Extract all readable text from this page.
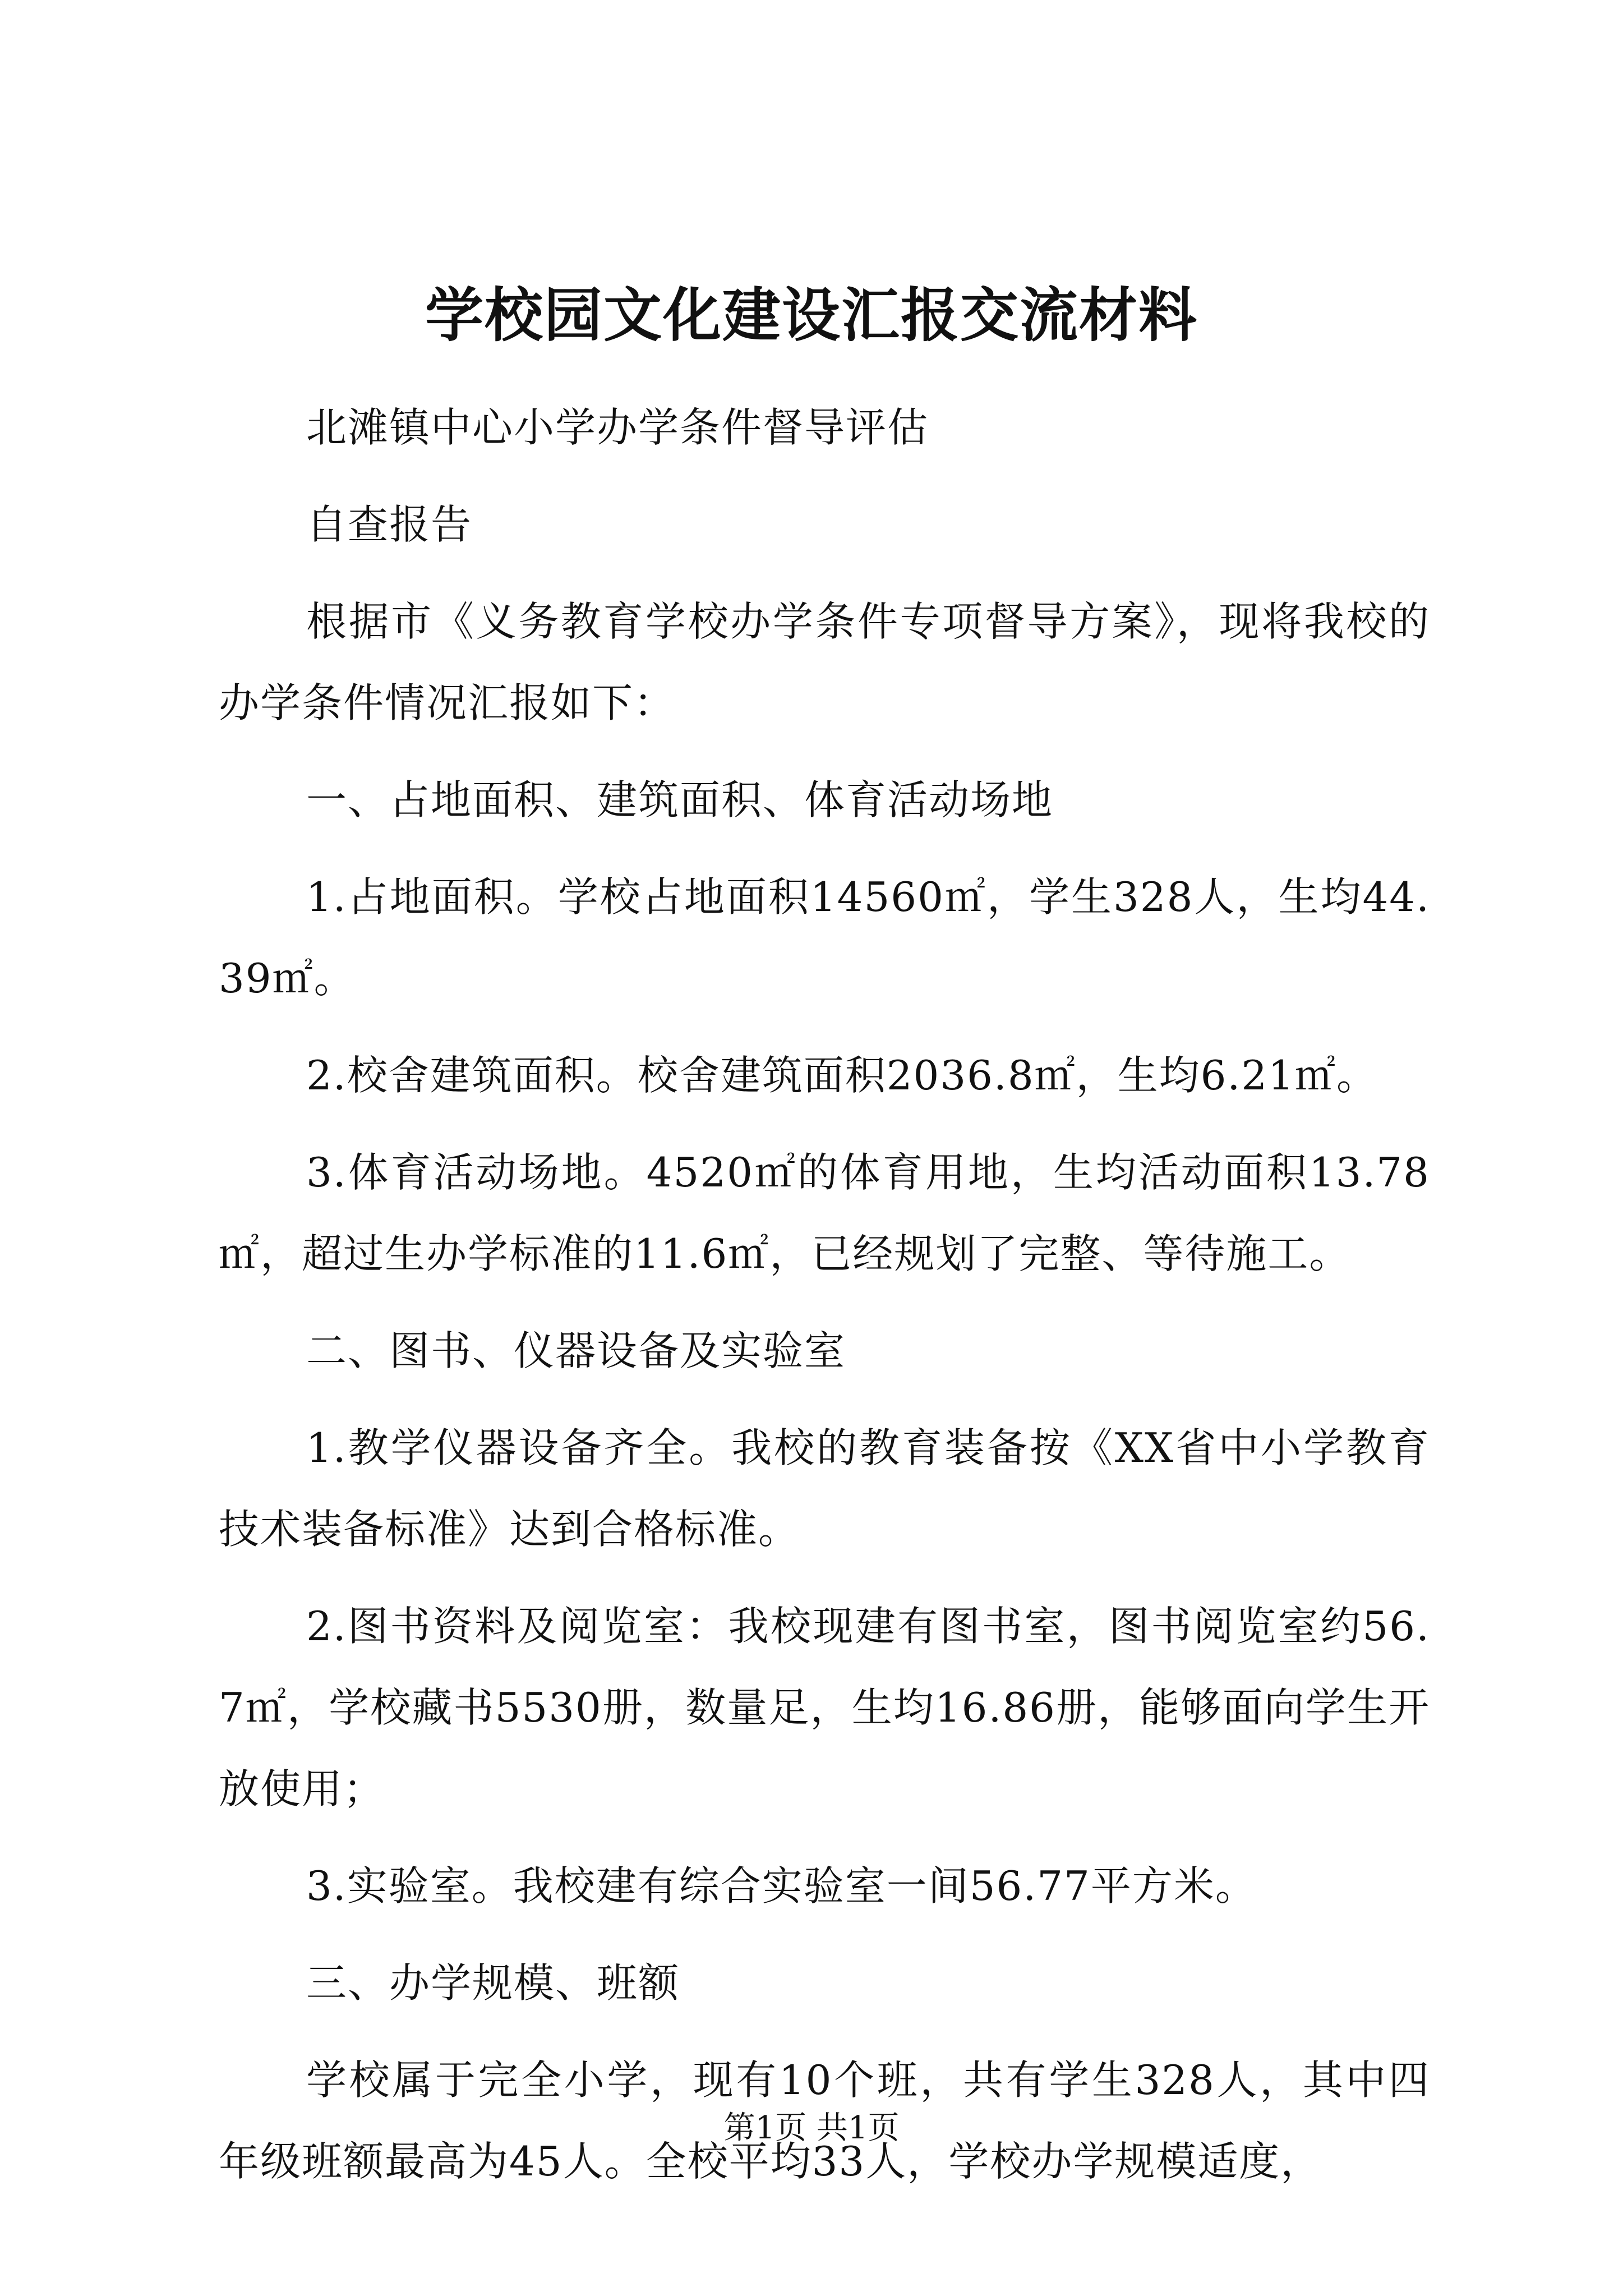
学校园文化建设汇报交流材料

北滩镇中心小学办学条件督导评估

自查报告

根据市《义务教育学校办学条件专项督导方案》，现将我校的办学条件情况汇报如下：

一、占地面积、建筑面积、体育活动场地

1.占地面积。学校占地面积14560㎡，学生328人，生均44.39㎡。

2.校舍建筑面积。校舍建筑面积2036.8㎡，生均6.21㎡。

3.体育活动场地。4520㎡的体育用地，生均活动面积13.78㎡，超过生办学标准的11.6㎡，已经规划了完整、等待施工。

二、图书、仪器设备及实验室

1.教学仪器设备齐全。我校的教育装备按《XX省中小学教育技术装备标准》达到合格标准。

2.图书资料及阅览室：我校现建有图书室，图书阅览室约56.7㎡，学校藏书5530册，数量足，生均16.86册，能够面向学生开放使用；

3.实验室。我校建有综合实验室一间56.77平方米。

三、办学规模、班额

学校属于完全小学，现有10个班，共有学生328人，其中四年级班额最高为45人。全校平均33人，学校办学规模适度，

第1页 共1页
